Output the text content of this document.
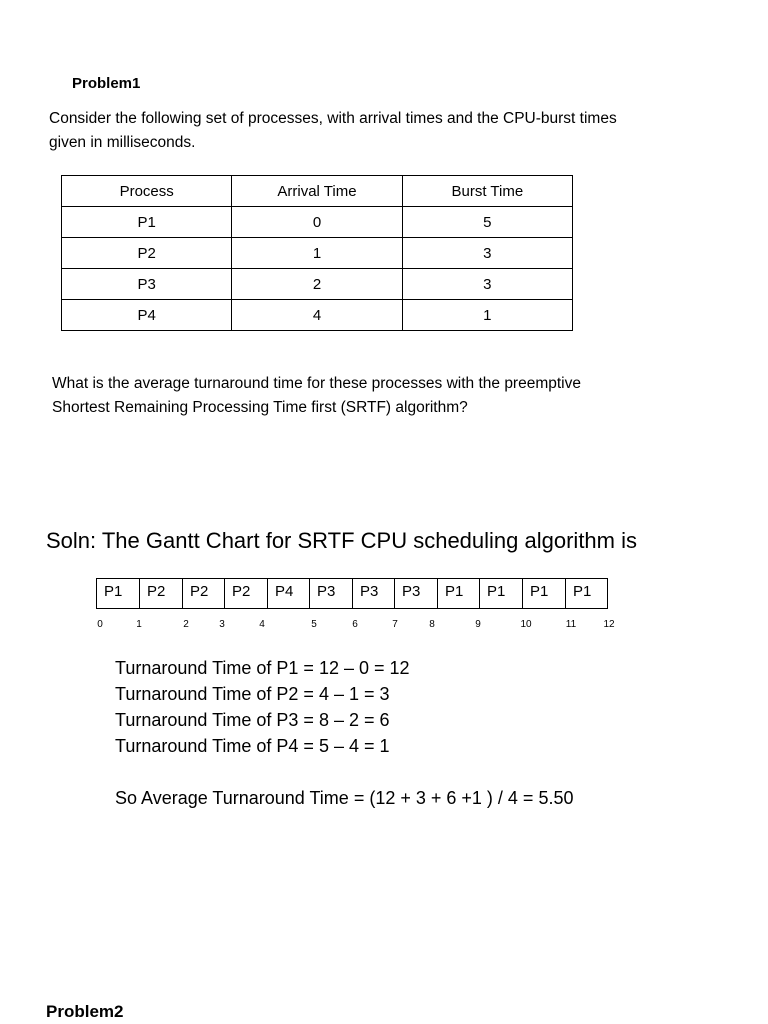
Problem1
Consider the following set of processes, with arrival times and the CPU-burst times
given in milliseconds.
Process	Arrival Time	Burst Time
P1	0	5
P2	1	3
P3	2	3
P4	4	1
What is the average turnaround time for these processes with the preemptive
Shortest Remaining Processing Time first (SRTF) algorithm?
Soln: The Gantt Chart for SRTF CPU scheduling algorithm is
P1	P2	P2	P2	P4	P3	P3	P3	P1	P1	P1	P1
0	1	2	3	4	5	6	7	8	9	10	11	12
Turnaround Time of P1 = 12 – 0 = 12
Turnaround Time of P2 = 4 – 1 = 3
Turnaround Time of P3 = 8 – 2 = 6
Turnaround Time of P4 = 5 – 4 = 1
So Average Turnaround Time = (12 + 3 + 6 +1 ) / 4 = 5.50
Problem2
